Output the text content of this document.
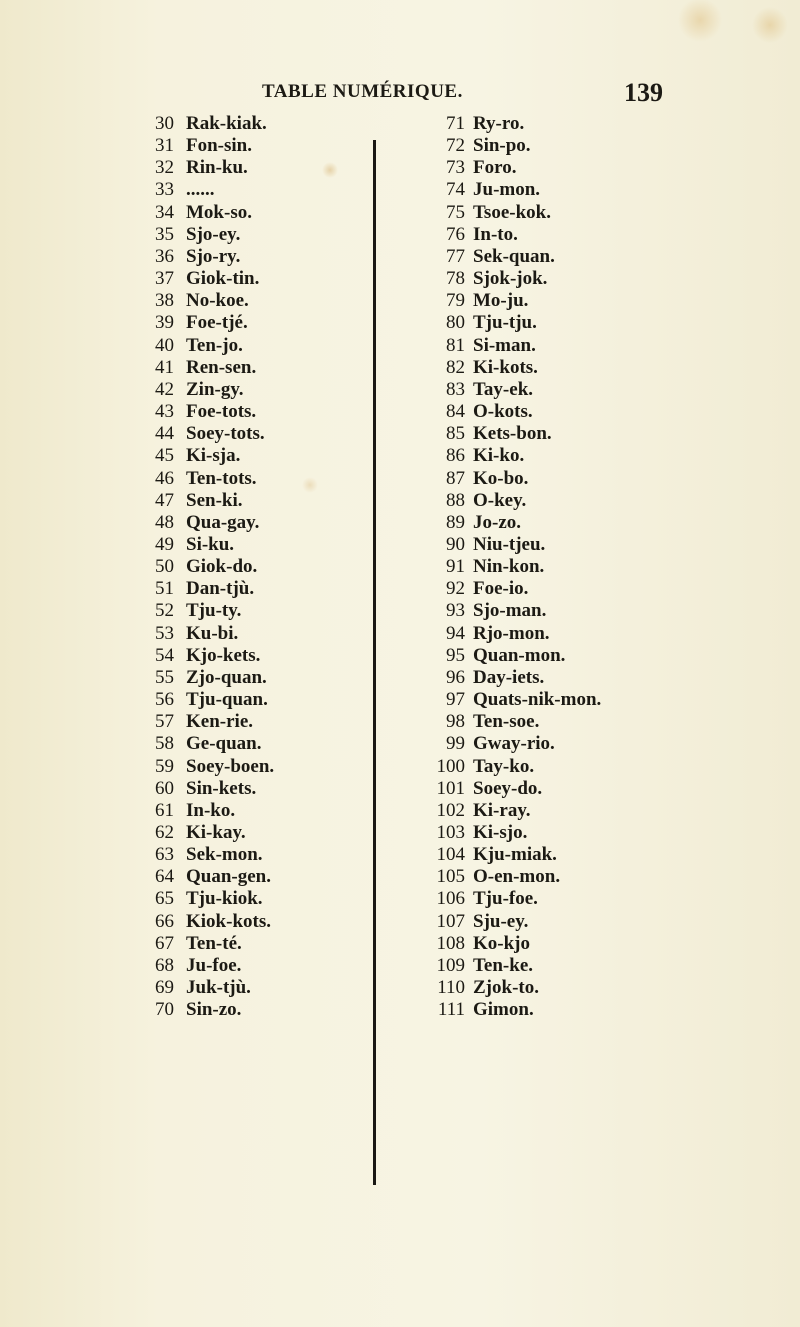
TABLE NUMÉRIQUE.	139
30 Rak-kiak.
31 Fon-sin.
32 Rin-ku.
33 ......
34 Mok-so.
35 Sjo-ey.
36 Sjo-ry.
37 Giok-tin.
38 No-koe.
39 Foe-tjé.
40 Ten-jo.
41 Ren-sen.
42 Zin-gy.
43 Foe-tots.
44 Soey-tots.
45 Ki-sja.
46 Ten-tots.
47 Sen-ki.
48 Qua-gay.
49 Si-ku.
50 Giok-do.
51 Dan-tjù.
52 Tju-ty.
53 Ku-bi.
54 Kjo-kets.
55 Zjo-quan.
56 Tju-quan.
57 Ken-rie.
58 Ge-quan.
59 Soey-boen.
60 Sin-kets.
61 In-ko.
62 Ki-kay.
63 Sek-mon.
64 Quan-gen.
65 Tju-kiok.
66 Kiok-kots.
67 Ten-té.
68 Ju-foe.
69 Juk-tjù.
70 Sin-zo.
71 Ry-ro.
72 Sin-po.
73 Foro.
74 Ju-mon.
75 Tsoe-kok.
76 In-to.
77 Sek-quan.
78 Sjok-jok.
79 Mo-ju.
80 Tju-tju.
81 Si-man.
82 Ki-kots.
83 Tay-ek.
84 O-kots.
85 Kets-bon.
86 Ki-ko.
87 Ko-bo.
88 O-key.
89 Jo-zo.
90 Niu-tjeu.
91 Nin-kon.
92 Foe-io.
93 Sjo-man.
94 Rjo-mon.
95 Quan-mon.
96 Day-iets.
97 Quats-nik-mon.
98 Ten-soe.
99 Gway-rio.
100 Tay-ko.
101 Soey-do.
102 Ki-ray.
103 Ki-sjo.
104 Kju-miak.
105 O-en-mon.
106 Tju-foe.
107 Sju-ey.
108 Ko-kjo
109 Ten-ke.
110 Zjok-to.
111 Gimon.
